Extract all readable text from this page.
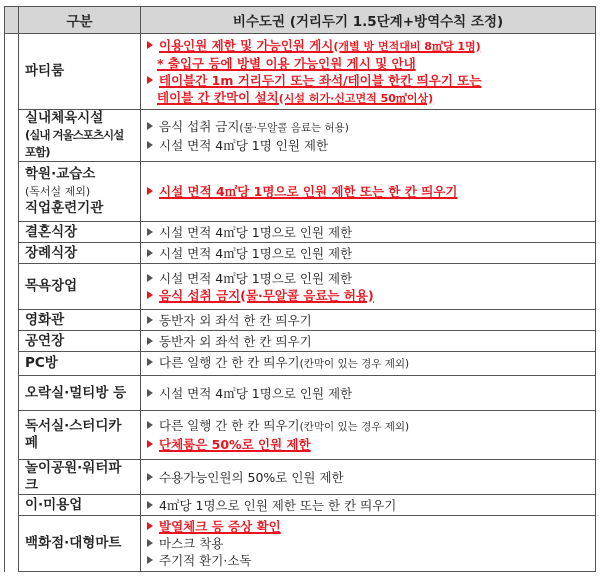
	구분	비수도권 (거리두기 1.5단계+방역수칙 조정)

	파티룸	이용인원 제한 및 가능인원 게시(개별 방 면적대비 8㎡당 1명)
* 출입구 등에 방별 이용 가능인원 게시 및 안내
테이블간 1m 거리두기 또는 좌석/테이블 한칸 띄우기 또는
테이블 간 칸막이 설치(시설 허가·신고면적 50㎡이상)

	실내체육시설
(실내 겨울스포츠시설 포함)	음식 섭취 금지(물·무알콜 음료는 허용)
시설 면적 4㎡당 1명 인원 제한

	학원·교습소
(독서실 제외)
직업훈련기관	시설 면적 4㎡당 1명으로 인원 제한 또는 한 칸 띄우기

	결혼식장	시설 면적 4㎡당 1명으로 인원 제한

	장례식장	시설 면적 4㎡당 1명으로 인원 제한

	목욕장업	시설 면적 4㎡당 1명으로 인원 제한
음식 섭취 금지(물·무알콜 음료는 허용)

	영화관	동반자 외 좌석 한 칸 띄우기

	공연장	동반자 외 좌석 한 칸 띄우기

	PC방	다른 일행 간 한 칸 띄우기(칸막이 있는 경우 제외)

	오락실·멀티방 등	시설 면적 4㎡당 1명으로 인원 제한

	독서실·스터디카페	다른 일행 간 한 칸 띄우기(칸막이 있는 경우 제외)
단체룸은 50%로 인원 제한

	놀이공원·워터파크	수용가능인원의 50%로 인원 제한

	이·미용업	4㎡당 1명으로 인원 제한 또는 한 칸 띄우기

	백화점·대형마트	발열체크 등 증상 확인
마스크 착용
주기적 환기·소독
